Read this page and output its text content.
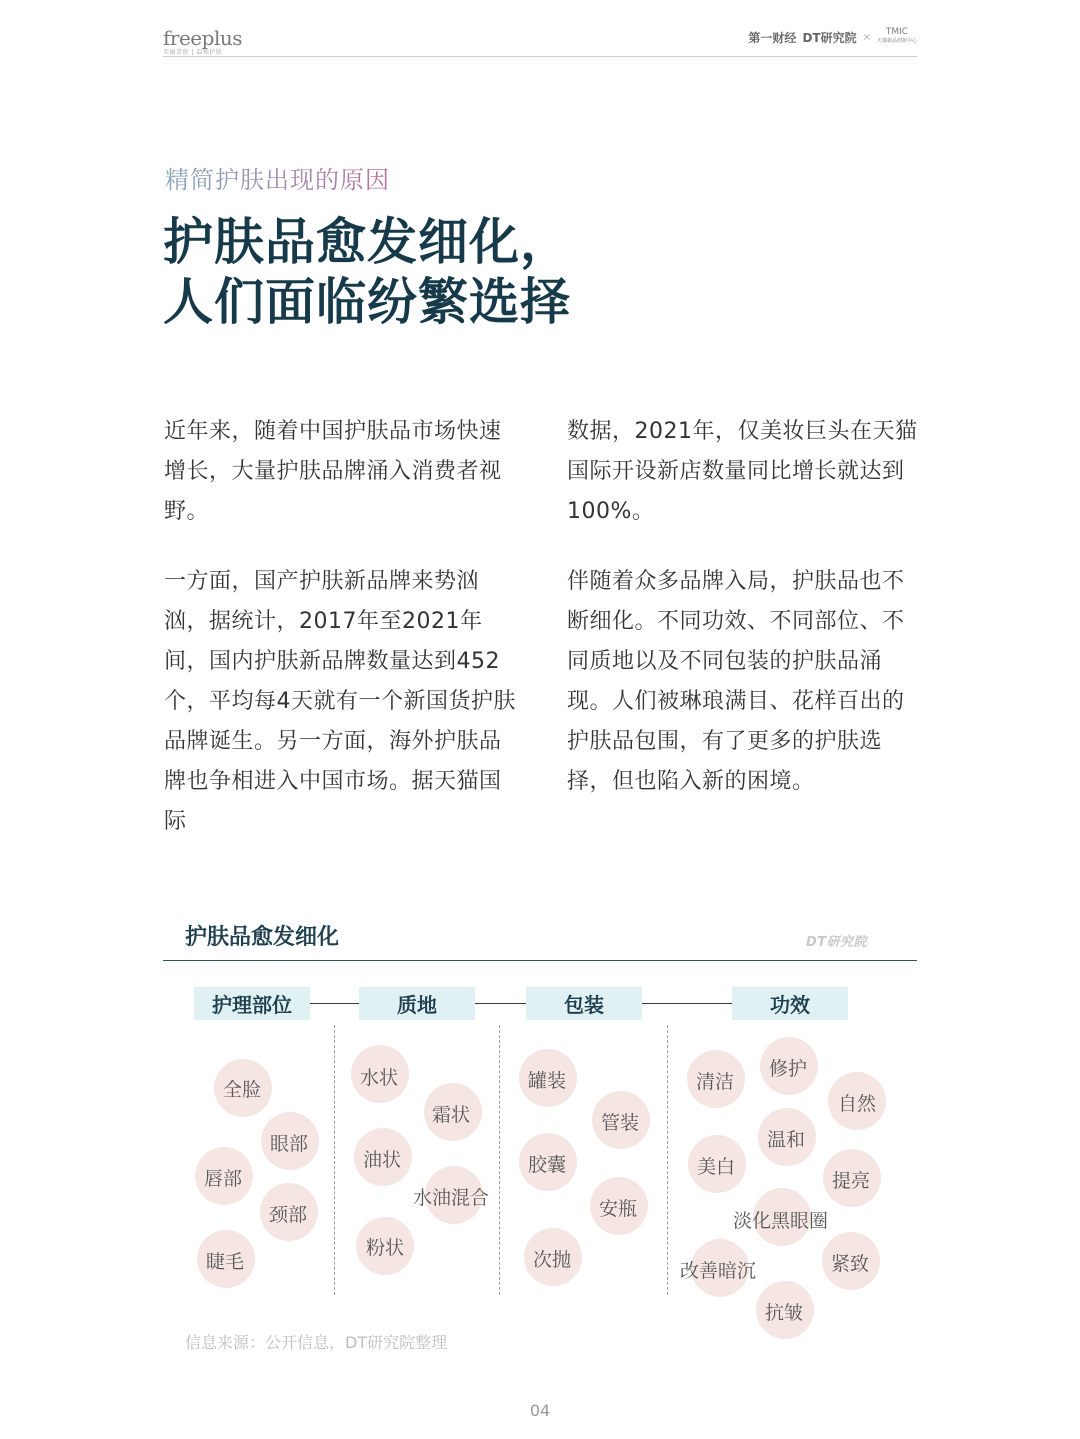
freeplus
芙丽芳丝 | 温和护肤
第一财经 DT研究院 ×	TMIC
天猫新品创新中心
精简护肤出现的原因
护肤品愈发细化，
人们面临纷繁选择

近年来，随着中国护肤品市场快速增长，大量护肤品牌涌入消费者视野。

一方面，国产护肤新品牌来势汹汹，据统计，2017年至2021年间，国内护肤新品牌数量达到452个，平均每4天就有一个新国货护肤品牌诞生。另一方面，海外护肤品牌也争相进入中国市场。据天猫国际

数据，2021年，仅美妆巨头在天猫国际开设新店数量同比增长就达到100%。

伴随着众多品牌入局，护肤品也不断细化。不同功效、不同部位、不同质地以及不同包装的护肤品涌现。人们被琳琅满目、花样百出的护肤品包围，有了更多的护肤选择，但也陷入新的困境。

护肤品愈发细化	DT研究院
护理部位	质地	包装	功效
全脸
眼部
唇部
颈部
睫毛
水状
霜状
油状
水油混合
粉状
罐装
管装
胶囊
安瓶
次抛
清洁
修护
自然
温和
美白
提亮
淡化黑眼圈
紧致
改善暗沉
抗皱
信息来源：公开信息，DT研究院整理
04
